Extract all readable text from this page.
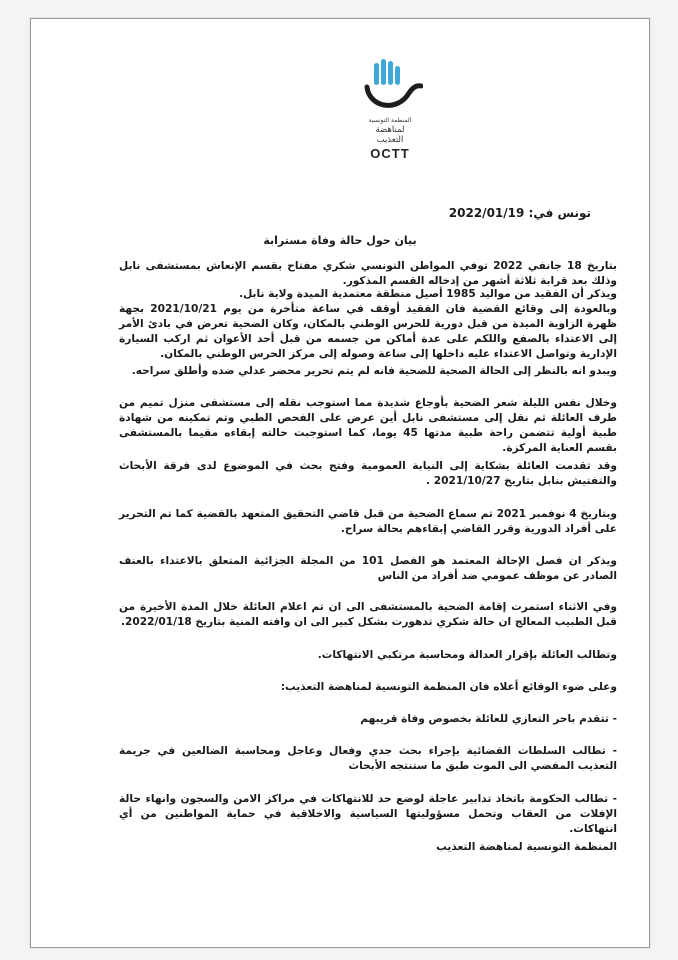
المنظمة التونسية
لمناهضة
التعذيب
OCTT
تونس في: 2022/01/19
بيان حول حالة وفاة مسترابة
بتاريخ 18 جانفي 2022 توفي المواطن التونسي شكري مفتاح بقسم الإنعاش بمستشفى نابل وذلك بعد قرابة ثلاثة أشهر من إدخاله القسم المذكور.
ويذكر أن الفقيد من مواليد 1985 أصيل منطقة معتمدية الميدة ولاية نابل.
وبالعودة إلى وقائع القضية فان الفقيد أوقف في ساعة متأخرة من يوم 2021/10/21 بجهة ظهرة الزاوية الميدة من قبل دورية للحرس الوطني بالمكان، وكان الضحية تعرض في بادئ الأمر إلى الاعتداء بالصفع واللكم على عدة أماكن من جسمه من قبل أحد الأعوان ثم اركب السيارة الإدارية وتواصل الاعتداء عليه داخلها إلى ساعة وصوله إلى مركز الحرس الوطني بالمكان.
ويبدو انه بالنظر إلى الحالة الصحية للضحية فانه لم يتم تحرير محضر عدلي ضده وأطلق سراحه.
وخلال نفس الليلة شعر الضحية بأوجاع شديدة مما استوجب نقله إلى مستشفى منزل تميم من طرف العائلة ثم نقل إلى مستشفى نابل أين عرض على الفحص الطبي وتم تمكينه من شهادة طبية أولية تتضمن راحة طبية مدتها 45 يوما، كما استوجبت حالته إبقاءه مقيما بالمستشفى بقسم العناية المركزة.
وقد تقدمت العائلة بشكاية إلى النيابة العمومية وفتح بحث في الموضوع لدى فرقة الأبحاث والتفتيش بنابل بتاريخ 2021/10/27 .
وبتاريخ 4 نوفمبر 2021 تم سماع الضحية من قبل قاضي التحقيق المتعهد بالقضية كما تم التحرير على أفراد الدورية وقرر القاضي إبقاءهم بحالة سراح.
ويذكر ان فصل الإحالة المعتمد هو الفصل 101 من المجلة الجزائية المتعلق بالاعتداء بالعنف الصادر عن موظف عمومي ضد أفراد من الناس
وفي الاثناء استمرت إقامة الضحية بالمستشفى الى ان تم اعلام العائلة خلال المدة الأخيرة من قبل الطبيب المعالج ان حالة شكري تدهورت بشكل كبير الى ان وافته المنية بتاريخ 2022/01/18.
وتطالب العائلة بإقرار العدالة ومحاسبة مرتكبي الانتهاكات.
وعلى ضوء الوقائع أعلاه فان المنظمة التونسية لمناهضة التعذيب:
- تتقدم باحر التعازي للعائلة بخصوص وفاة قريبهم
- تطالب السلطات القضائية بإجراء بحث جدي وفعال وعاجل ومحاسبة الضالعين في جريمة التعذيب المفضي الى الموت طبق ما ستنتجه الأبحاث
- تطالب الحكومة باتخاذ تدابير عاجلة لوضع حد للانتهاكات في مراكز الامن والسجون وانهاء حالة الإفلات من العقاب وتحمل مسؤوليتها السياسية والاخلاقية في حماية المواطنين من أي انتهاكات.
المنظمة التونسية لمناهضة التعذيب
